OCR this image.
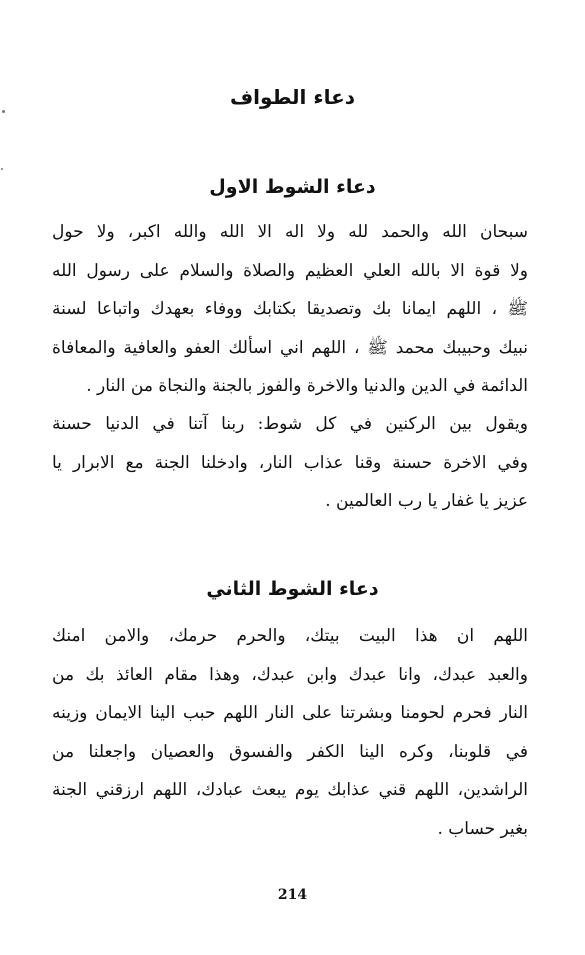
دعاء الطواف
دعاء الشوط الاول
سبحان الله والحمد لله ولا اله الا الله والله اكبر، ولا حول
ولا قوة الا بالله العلي العظيم والصلاة والسلام على رسول الله
ﷺ ، اللهم ايمانا بك وتصديقا بكتابك ووفاء بعهدك واتباعا لسنة
نبيك وحبيبك محمد ﷺ ، اللهم اني اسألك العفو والعافية والمعافاة
الدائمة في الدين والدنيا والاخرة والفوز بالجنة والنجاة من النار .
ويقول بين الركنين في كل شوط: ربنا آتنا في الدنيا حسنة
وفي الاخرة حسنة وقنا عذاب النار، وادخلنا الجنة مع الابرار يا
عزيز يا غفار يا رب العالمين .
دعاء الشوط الثاني
اللهم ان هذا البيت بيتك، والحرم حرمك، والامن امنك
والعبد عبدك، وانا عبدك وابن عبدك، وهذا مقام العائذ بك من
النار فحرم لحومنا وبشرتنا على النار اللهم حبب الينا الايمان وزينه
في قلوبنا، وكره الينا الكفر والفسوق والعصيان واجعلنا من
الراشدين، اللهم قني عذابك يوم يبعث عبادك، اللهم ارزقني الجنة
بغير حساب .
214
